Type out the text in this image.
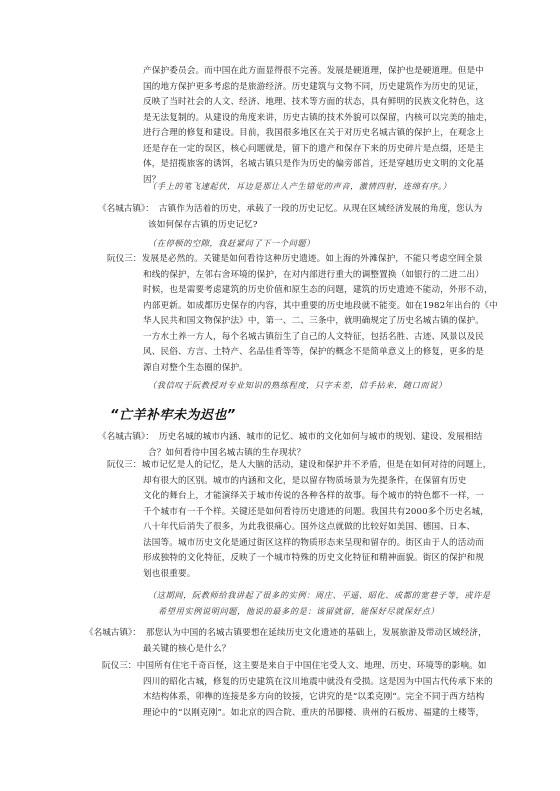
产保护委员会。而中国在此方面显得很不完善。发展是硬道理，保护也是硬道理。但是中
国的地方保护更多考虑的是旅游经济。历史建筑与文物不同，历史建筑作为历史的见证，
反映了当时社会的人文、经济、地理、技术等方面的状态，具有鲜明的民族文化特色，这
是无法复制的。从建设的角度来讲，历史古镇的技术外貌可以保留，内核可以完美的抽走，
进行合理的修复和建设。目前，我国很多地区在关于对历史名城古镇的保护上，在观念上
还是存在一定的误区，核心问题就是，留下的遗产和保存下来的历史碎片是点缀，还是主
体，是招揽旅客的诱饵，名城古镇只是作为历史的偏旁部首，还是穿越历史文明的文化基
因？
（手上的笔飞速起伏，耳边是那让人产生错觉的声音，激情四射，连绵有序。）
《名城古镇》： 古镇作为活着的历史，承载了一段的历史记忆。从现在区域经济发展的角度，您认为
该如何保存古镇的历史记忆?
（在停顿的空隙，我赶紧问了下一个问题）
阮仪三： 发展是必然的。关键是如何看待这种历史遗迹。如上海的外滩保护，不能只考虑空间全景
和线的保护，左邻右舍环境的保护，在对内部进行重大的调整置换（如银行的二进二出）
时候，也是需要考虑建筑的历史价值和原生态的问题，建筑的历史遗迹不能动，外形不动，
内部更新。如成都历史保存的内容，其中重要的历史地段就不能变。如在1982年出台的《中
华人民共和国文物保护法》中，第一、二、三条中，就明确规定了历史名城古镇的保护。
一方水土养一方人，每个名城古镇衍生了自己的人文特征，包括名胜、古迹、风景以及民
风、民俗、方言、土特产、名品佳肴等等，保护的概念不是简单意义上的修复，更多的是
源自对整个生态圈的保护。
（我信叹于阮教授对专业知识的熟练程度，只字未差，信手拈来，随口而说）
“亡羊补牢未为迟也”
《名城古镇》： 历史名城的城市内涵、城市的记忆、城市的文化如何与城市的规划、建设、发展相结
合？如何看待中国名城古镇的生存现状？
阮仪三： 城市记忆是人的记忆，是人大脑的活动，建设和保护并不矛盾，但是在如何对待的问题上，
却有很大的区别。城市的内涵和文化，是以留存物质场景为先提条件，在保留有历史
文化的舞台上，才能演绎关于城市传说的各种各样的故事。每个城市的特色都不一样，一
千个城市有一千个样。关键还是如何看待历史遗迹的问题。我国共有2000多个历史名城，
八十年代后消失了很多，为此我很痛心。国外这点就做的比较好如美国、德国、日本、
法国等。城市历史文化是通过街区这样的物质形态来呈现和留存的。街区由于人的活动而
形成独特的文化特征，反映了一个城市特殊的历史文化特征和精神面貌。街区的保护和规
划也很重要。
（这期间，阮教师给我讲起了很多的实例：周庄、平遥、昭化、成都的宽巷子等，或许是
希望用实例说明问题，他说的最多的是：该留就留，能保好尽就保好点）
《名城古镇》： 那您认为中国的名城古镇要想在延续历史文化遗迹的基础上，发展旅游及带动区域经济，
最关键的核心是什么？
阮仪三： 中国所有住宅千奇百怪，这主要是来自于中国住宅受人文、地理、历史、环境等的影响。如
四川的昭化古城，修复的历史建筑在汶川地震中就没有受损。这是因为中国古代传承下来的
木结构体系，卯榫的连接是多方向的铰接，它讲究的是“以柔克刚”。完全不同于西方结构
理论中的“以刚克刚”。如北京的四合院、重庆的吊脚楼、贵州的石板房、福建的土楼等，
